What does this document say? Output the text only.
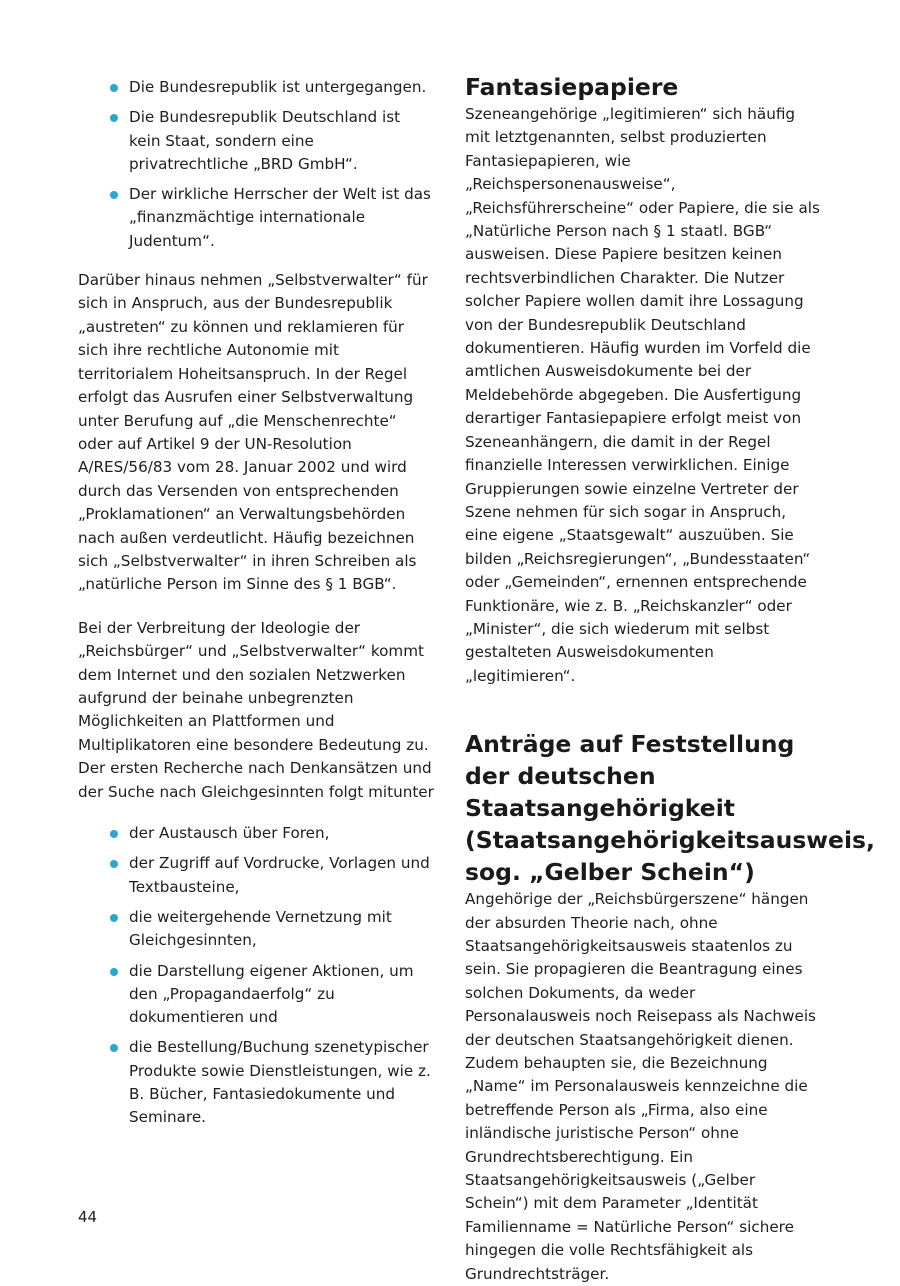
Die Bundesrepublik ist untergegangen.
Die Bundesrepublik Deutschland ist kein Staat, sondern eine privatrechtliche „BRD GmbH“.
Der wirkliche Herrscher der Welt ist das „finanzmächtige internationale Judentum“.

Darüber hinaus nehmen „Selbstverwalter“ für sich in Anspruch, aus der Bundesrepublik „austreten“ zu können und reklamieren für sich ihre rechtliche Autonomie mit territorialem Hoheitsanspruch. In der Regel erfolgt das Ausrufen einer Selbstverwaltung unter Berufung auf „die Menschenrechte“ oder auf Artikel 9 der UN-Resolution A/RES/56/83 vom 28. Januar 2002 und wird durch das Versenden von entsprechenden „Proklamationen“ an Verwaltungsbehörden nach außen verdeutlicht. Häufig bezeichnen sich „Selbstverwalter“ in ihren Schreiben als „natürliche Person im Sinne des § 1 BGB“.

Bei der Verbreitung der Ideologie der „Reichsbürger“ und „Selbstverwalter“ kommt dem Internet und den sozialen Netzwerken aufgrund der beinahe unbegrenzten Möglichkeiten an Plattformen und Multiplikatoren eine besondere Bedeutung zu. Der ersten Recherche nach Denkansätzen und der Suche nach Gleichgesinnten folgt mitunter

der Austausch über Foren,
der Zugriff auf Vordrucke, Vorlagen und Textbausteine,
die weitergehende Vernetzung mit Gleichgesinnten,
die Darstellung eigener Aktionen, um den „Propagandaerfolg“ zu dokumentieren und
die Bestellung/Buchung szenetypischer Produkte sowie Dienstleistungen, wie z. B. Bücher, Fantasiedokumente und Seminare.
Fantasiepapiere

Szeneangehörige „legitimieren“ sich häufig mit letztgenannten, selbst produzierten Fantasiepapieren, wie „Reichspersonenausweise“, „Reichsführerscheine“ oder Papiere, die sie als „Natürliche Person nach § 1 staatl. BGB“ ausweisen. Diese Papiere besitzen keinen rechtsverbindlichen Charakter. Die Nutzer solcher Papiere wollen damit ihre Lossagung von der Bundesrepublik Deutschland dokumentieren. Häufig wurden im Vorfeld die amtlichen Ausweisdokumente bei der Meldebehörde abgegeben. Die Ausfertigung derartiger Fantasiepapiere erfolgt meist von Szeneanhängern, die damit in der Regel finanzielle Interessen verwirklichen. Einige Gruppierungen sowie einzelne Vertreter der Szene nehmen für sich sogar in Anspruch, eine eigene „Staatsgewalt“ auszuüben. Sie bilden „Reichsregierungen“, „Bundesstaaten“ oder „Gemeinden“, ernennen entsprechende Funktionäre, wie z. B. „Reichskanzler“ oder „Minister“, die sich wiederum mit selbst gestalteten Ausweisdokumenten „legitimieren“.

Anträge auf Feststellung der deutschen Staatsangehörigkeit (Staatsangehörigkeitsausweis, sog. „Gelber Schein“)

Angehörige der „Reichsbürgerszene“ hängen der absurden Theorie nach, ohne Staatsangehörigkeitsausweis staatenlos zu sein. Sie propagieren die Beantragung eines solchen Dokuments, da weder Personalausweis noch Reisepass als Nachweis der deutschen Staatsangehörigkeit dienen. Zudem behaupten sie, die Bezeichnung „Name“ im Personalausweis kennzeichne die betreffende Person als „Firma, also eine inländische juristische Person“ ohne Grundrechtsberechtigung. Ein Staatsangehörigkeitsausweis („Gelber Schein“) mit dem Parameter „Identität Familienname = Natürliche Person“ sichere hingegen die volle Rechtsfähigkeit als Grundrechtsträger.

44
